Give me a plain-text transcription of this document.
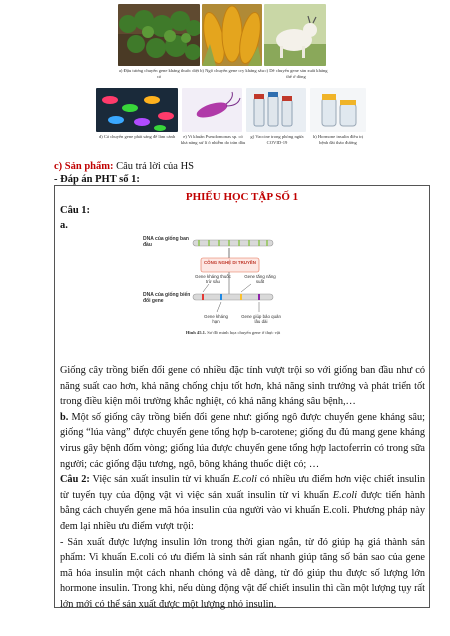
a) Đậu tương chuyển gene kháng thuốc diệt cỏ
b) Ngô chuyển gene cry kháng sâu c) Dê chuyển gene sản xuất kháng thể ở dòng
d) Cá chuyển gene phát sáng để làm cảnh	e) Vi khuẩn Pseudomonas sp. có khả năng xử lí ô nhiễm do tràn dầu
g) Vaccine trong phòng ngừa COVID-19
h) Hormone insulin điều trị bệnh đái tháo đường
c) Sản phẩm: Câu trả lời của HS
- Đáp án PHT số 1:
PHIẾU HỌC TẬP SỐ 1
Câu 1:
a.
DNA của giống ban đầu
CÔNG NGHỆ DI TRUYỀN
Gene kháng thuốc trừ sâu
Gene tăng năng suất
DNA của giống biến đổi gene
Gene kháng hạn
Gene giúp bảo quản lâu dài
Hình 45.1. Sơ đồ minh họa chuyển gene ở thực vật

Giống cây trồng biến đổi gene có nhiều đặc tính vượt trội so với giống ban đầu như có năng suất cao hơn, khả năng chống chịu tốt hơn, khả năng sinh trưởng và phát triển tốt trong điều kiện môi trường khắc nghiệt, có khả năng kháng sâu bệnh,…

b. Một số giống cây trồng biến đổi gene như: giống ngô được chuyển gene kháng sâu; giống “lúa vàng” được chuyển gene tổng hợp b-carotene; giống đu đủ mang gene kháng virus gây bệnh đốm vòng; giống lúa được chuyển gene tổng hợp lactoferrin có trong sữa người; các giống đậu tương, ngô, bông kháng thuốc diệt cỏ; …

Câu 2: Việc sản xuất insulin từ vi khuẩn E.coli có nhiều ưu điểm hơn việc chiết insulin từ tuyến tụy của động vật vì việc sản xuất insulin từ vi khuẩn E.coli được tiến hành bằng cách chuyển gene mã hóa insulin của người vào vi khuẩn E.coli. Phương pháp này đem lại nhiều ưu điểm vượt trội:

- Sản xuất được lượng insulin lớn trong thời gian ngắn, từ đó giúp hạ giá thành sản phẩm: Vi khuẩn E.coli có ưu điểm là sinh sản rất nhanh giúp tăng số bản sao của gene mã hóa insulin một cách nhanh chóng và dễ dàng, từ đó giúp thu được số lượng lớn hormone insulin. Trong khi, nếu dùng động vật để chiết insulin thì cần một lượng tụy rất lớn mới có thể sản xuất được một lượng nhỏ insulin.
